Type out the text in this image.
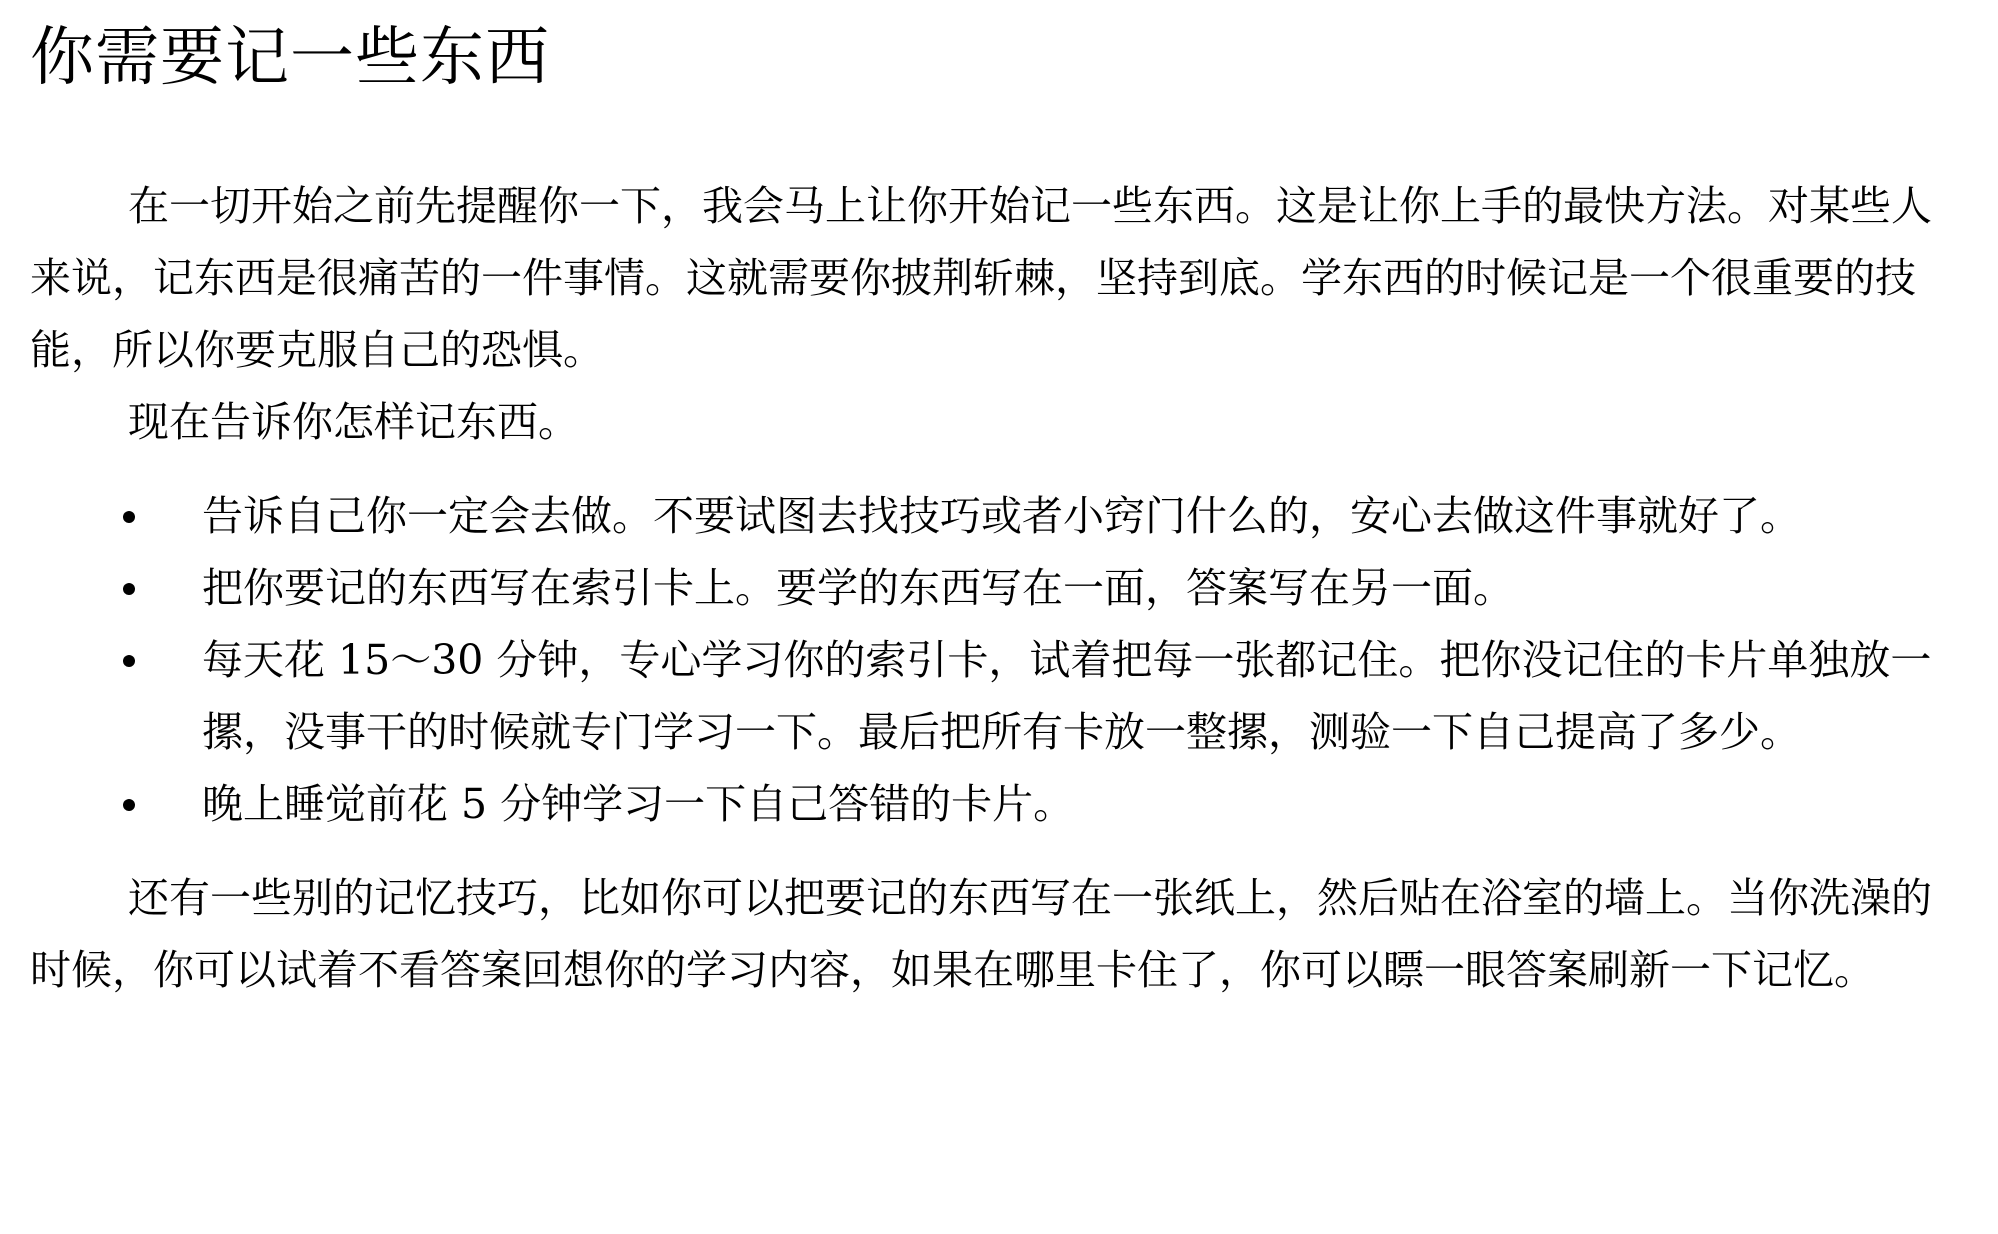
你需要记一些东西

在一切开始之前先提醒你一下，我会马上让你开始记一些东西。这是让你上手的最快方法。对某些人来说，记东西是很痛苦的一件事情。这就需要你披荆斩棘，坚持到底。学东西的时候记是一个很重要的技能，所以你要克服自己的恐惧。

现在告诉你怎样记东西。

告诉自己你一定会去做。不要试图去找技巧或者小窍门什么的，安心去做这件事就好了。
把你要记的东西写在索引卡上。要学的东西写在一面，答案写在另一面。
每天花 15～30 分钟，专心学习你的索引卡，试着把每一张都记住。把你没记住的卡片单独放一摞，没事干的时候就专门学习一下。最后把所有卡放一整摞，测验一下自己提高了多少。
晚上睡觉前花 5 分钟学习一下自己答错的卡片。

还有一些别的记忆技巧，比如你可以把要记的东西写在一张纸上，然后贴在浴室的墙上。当你洗澡的时候，你可以试着不看答案回想你的学习内容，如果在哪里卡住了，你可以瞟一眼答案刷新一下记忆。
